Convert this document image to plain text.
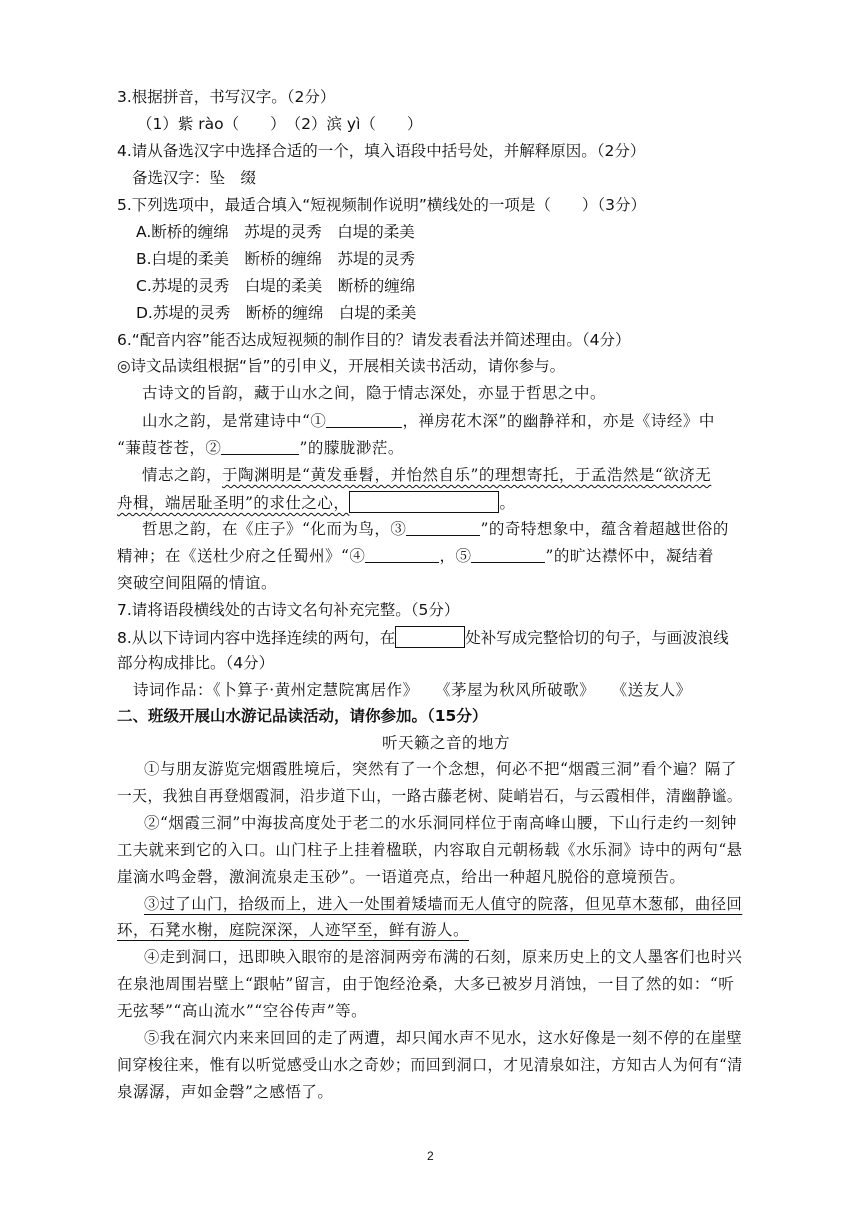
3.根据拼音，书写汉字。（2分）
（1）紫 rào（　　）　（2）滨 yì（　　）
4.请从备选汉字中选择合适的一个，填入语段中括号处，并解释原因。（2分）
备选汉字：坠　缀
5.下列选项中，最适合填入“短视频制作说明”横线处的一项是（　　）（3分）
A.断桥的缠绵　苏堤的灵秀　白堤的柔美
B.白堤的柔美　断桥的缠绵　苏堤的灵秀
C.苏堤的灵秀　白堤的柔美　断桥的缠绵
D.苏堤的灵秀　断桥的缠绵　白堤的柔美
6.“配音内容”能否达成短视频的制作目的？请发表看法并简述理由。（4分）
◎诗文品读组根据“旨”的引申义，开展相关读书活动，请你参与。
古诗文的旨韵，藏于山水之间，隐于情志深处，亦显于哲思之中。
山水之韵，是常建诗中“①	，禅房花木深”的幽静祥和，亦是《诗经》中
“蒹葭苍苍，②	”的朦胧渺茫。
情志之韵，于陶渊明是“黄发垂髫，并怡然自乐”的理想寄托，于孟浩然是“欲济无
舟楫，端居耻圣明”的求仕之心，	。
哲思之韵，在《庄子》“化而为鸟，③	”的奇特想象中，蕴含着超越世俗的
精神；在《送杜少府之任蜀州》“④	，⑤	”的旷达襟怀中，凝结着
突破空间阻隔的情谊。
7.请将语段横线处的古诗文名句补充完整。（5分）
8.从以下诗词内容中选择连续的两句，在	处补写成完整恰切的句子，与画波浪线
部分构成排比。（4分）
诗词作品：《卜算子·黄州定慧院寓居作》　　《茅屋为秋风所破歌》　　《送友人》
二、班级开展山水游记品读活动，请你参加。（15分）
听天籁之音的地方
①与朋友游览完烟霞胜境后，突然有了一个念想，何必不把“烟霞三洞”看个遍？隔了
一天，我独自再登烟霞洞，沿步道下山，一路古藤老树、陡峭岩石，与云霞相伴，清幽静谧。
②“烟霞三洞”中海拔高度处于老二的水乐洞同样位于南高峰山腰，下山行走约一刻钟
工夫就来到它的入口。山门柱子上挂着楹联，内容取自元朝杨载《水乐洞》诗中的两句“悬
崖滴水鸣金磬，激涧流泉走玉砂”。一语道亮点，给出一种超凡脱俗的意境预告。
③过了山门，拾级而上，进入一处围着矮墙而无人值守的院落，但见草木葱郁，曲径回
环，石凳水榭，庭院深深，人迹罕至，鲜有游人。
④走到洞口，迅即映入眼帘的是溶洞两旁布满的石刻，原来历史上的文人墨客们也时兴
在泉池周围岩壁上“跟帖”留言，由于饱经沧桑，大多已被岁月消蚀，一目了然的如：“听
无弦琴”“高山流水”“空谷传声”等。
⑤我在洞穴内来来回回的走了两遭，却只闻水声不见水，这水好像是一刻不停的在崖壁
间穿梭往来，惟有以听觉感受山水之奇妙；而回到洞口，才见清泉如注，方知古人为何有“清
泉潺潺，声如金磬”之感悟了。
2
